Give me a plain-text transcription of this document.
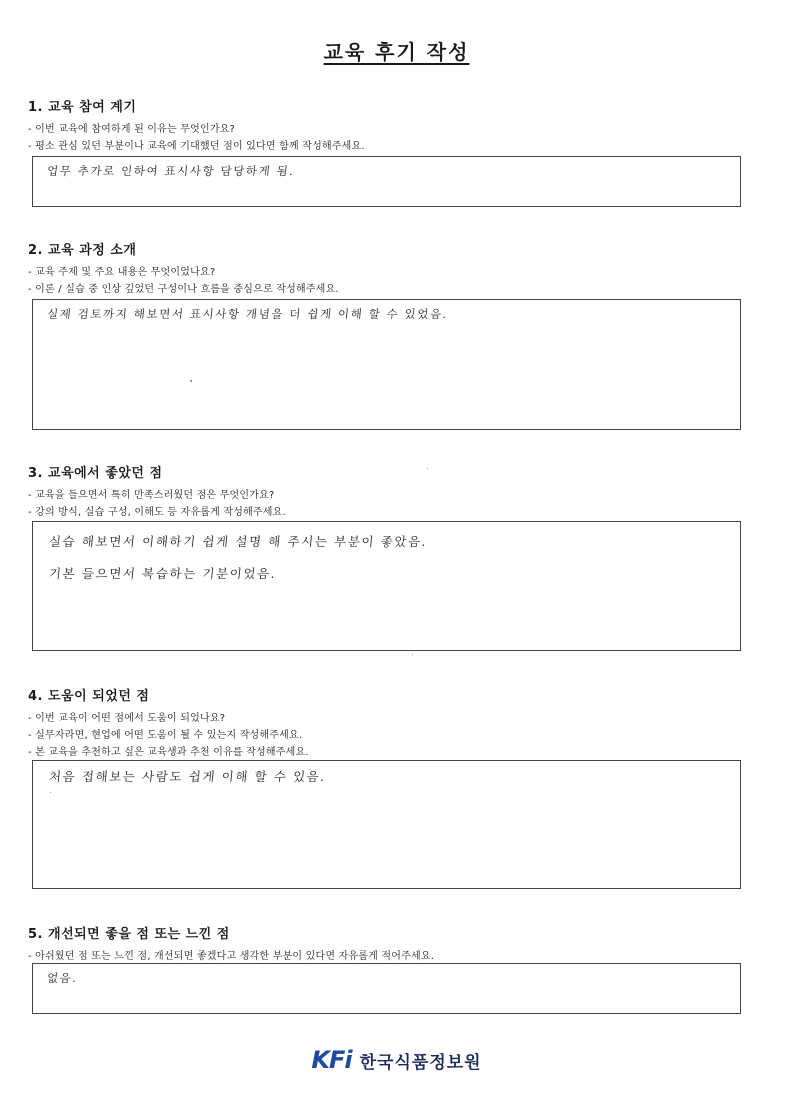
교육 후기 작성
1. 교육 참여 계기
- 이번 교육에 참여하게 된 이유는 무엇인가요?
- 평소 관심 있던 부분이나 교육에 기대했던 점이 있다면 함께 작성해주세요.
업무 추가로 인하여 표시사항 담당하게 됨.
2. 교육 과정 소개
- 교육 주제 및 주요 내용은 무엇이었나요?
- 이론 / 실습 중 인상 깊었던 구성이나 흐름을 중심으로 작성해주세요.
실제 검토까지 해보면서 표시사항 개념을 더 쉽게 이해 할 수 있었음.
3. 교육에서 좋았던 점
- 교육을 들으면서 특히 만족스러웠던 점은 무엇인가요?
- 강의 방식, 실습 구성, 이해도 등 자유롭게 작성해주세요.
실습 해보면서 이해하기 쉽게 설명 해 주시는 부분이 좋았음.
기본 들으면서 복습하는 기분이었음.
4. 도움이 되었던 점
- 이번 교육이 어떤 점에서 도움이 되었나요?
- 실무자라면, 현업에 어떤 도움이 될 수 있는지 작성해주세요.
- 본 교육을 추천하고 싶은 교육생과 추천 이유를 작성해주세요.
처음 접해보는 사람도 쉽게 이해 할 수 있음.
5. 개선되면 좋을 점 또는 느낀 점
- 아쉬웠던 점 또는 느낀 점, 개선되면 좋겠다고 생각한 부분이 있다면 자유롭게 적어주세요.
없음.
KFi 한국식품정보원
